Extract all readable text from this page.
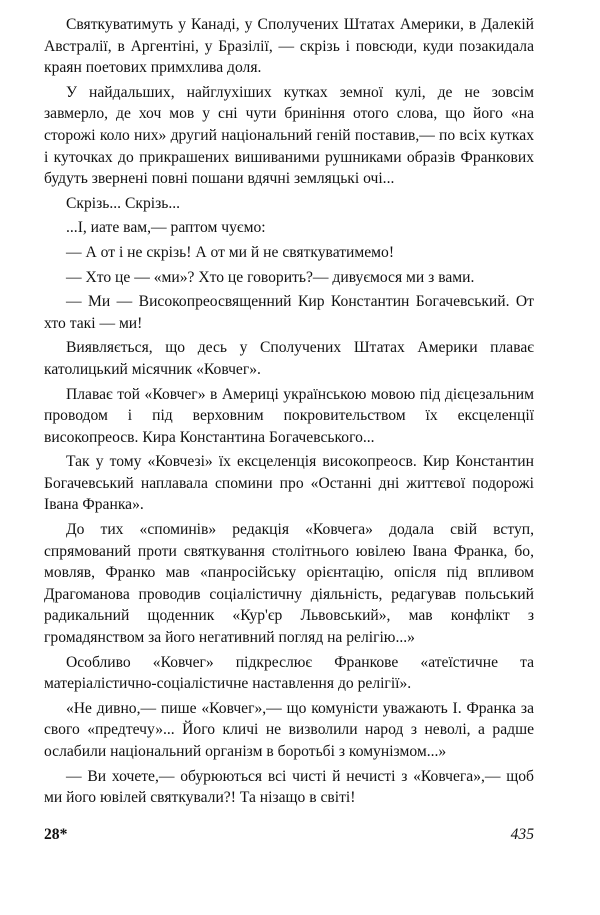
Святкуватимуть у Канаді, у Сполучених Штатах Америки, в Далекій Австралії, в Аргентіні, у Бразілії, — скрізь і повсюди, куди позакидала краян поетових примхлива доля.

У найдальших, найглухіших кутках земної кулі, де не зовсім завмерло, де хоч мов у сні чути бриніння отого слова, що його «на сторожі коло них» другий національний геній поставив,— по всіх кутках і куточках до прикрашених вишиваними рушниками образів Франкових будуть звернені повні пошани вдячні земляцькі очі...

Скрізь... Скрізь...

...І, иате вам,— раптом чуємо:

— А от і не скрізь! А от ми й не святкуватимемо!

— Хто це — «ми»? Хто це говорить?— дивуємося ми з вами.

— Ми — Високопреосвященний Кир Константин Богачевський. От хто такі — ми!

Виявляється, що десь у Сполучених Штатах Америки плаває католицький місячник «Ковчег».

Плаває той «Ковчег» в Америці українською мовою під дієцезальним проводом і під верховним покровительством їх ексцеленції високопреосв. Кира Константина Богачевського...

Так у тому «Ковчезі» їх ексцеленція високопреосв. Кир Константин Богачевський наплавала спомини про «Останні дні життєвої подорожі Івана Франка».

До тих «споминів» редакція «Ковчега» додала свій вступ, спрямований проти святкування столітнього ювілею Івана Франка, бо, мовляв, Франко мав «панросійську орієнтацію, опісля під впливом Драгоманова проводив соціалістичну діяльність, редагував польський радикальний щоденник «Кур'єр Львовський», мав конфлікт з громадянством за його негативний погляд на релігію...»

Особливо «Ковчег» підкреслює Франкове «атеїстичне та матеріалістично-соціалістичне наставлення до релігії».

«Не дивно,— пише «Ковчег»,— що комуністи уважають І. Франка за свого «предтечу»... Його кличі не визволили народ з неволі, а радше ослабили національний організм в боротьбі з комунізмом...»

— Ви хочете,— обурюються всі чисті й нечисті з «Ковчега»,— щоб ми його ювілей святкували?! Та нізащо в світі!

28*	435
